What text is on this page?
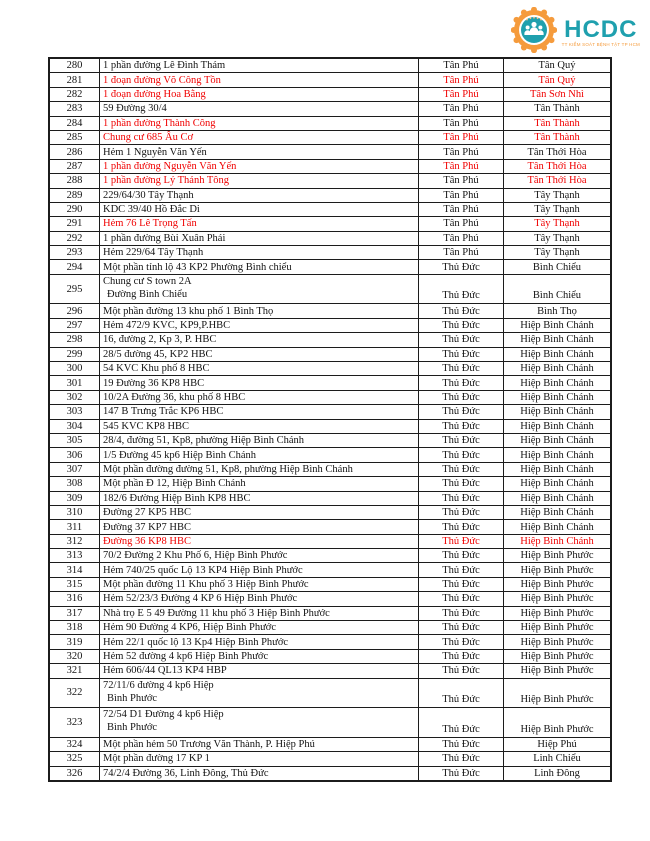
HCDC
TT KIỂM SOÁT BỆNH TẬT TP HCM
280	1 phần đường Lê Đình Thám	Tân Phú	Tân Quý
281	1 đoạn đường Võ Công Tồn	Tân Phú	Tân Quý
282	1 đoạn đường Hoa Bằng	Tân Phú	Tân Sơn Nhì
283	59 Đường 30/4	Tân Phú	Tân Thành
284	1 phần đường Thành Công	Tân Phú	Tân Thành
285	Chung cư 685 Âu Cơ	Tân Phú	Tân Thành
286	Hẻm 1 Nguyễn Văn Yến	Tân Phú	Tân Thới Hòa
287	1 phần đường Nguyễn Văn Yến	Tân Phú	Tân Thới Hòa
288	1 phần đường Lý Thánh Tông	Tân Phú	Tân Thới Hòa
289	229/64/30 Tây Thạnh	Tân Phú	Tây Thạnh
290	KDC 39/40 Hồ Đắc Di	Tân Phú	Tây Thạnh
291	Hẻm 76 Lê Trọng Tấn	Tân Phú	Tây Thạnh
292	1 phần đường Bùi Xuân Phái	Tân Phú	Tây Thạnh
293	Hẻm 229/64 Tây Thạnh	Tân Phú	Tây Thạnh
294	Một phần tỉnh lộ 43 KP2 Phường Bình chiểu	Thủ Đức	Bình Chiểu
295	Chung cư S town 2A
Đường Bình Chiểu	Thủ Đức	Bình Chiểu
296	Một phần đường 13 khu phố 1 Bình Thọ	Thủ Đức	Bình Thọ
297	Hẻm 472/9 KVC, KP9,P.HBC	Thủ Đức	Hiệp Bình Chánh
298	16, đường 2, Kp 3, P. HBC	Thủ Đức	Hiệp Bình Chánh
299	28/5 đường 45, KP2 HBC	Thủ Đức	Hiệp Bình Chánh
300	54 KVC Khu phố 8 HBC	Thủ Đức	Hiệp Bình Chánh
301	19 Đường 36 KP8 HBC	Thủ Đức	Hiệp Bình Chánh
302	10/2A Đường 36, khu phố 8 HBC	Thủ Đức	Hiệp Bình Chánh
303	147 B Trưng Trắc KP6 HBC	Thủ Đức	Hiệp Bình Chánh
304	545 KVC KP8 HBC	Thủ Đức	Hiệp Bình Chánh
305	28/4, đường 51, Kp8, phường Hiệp Bình Chánh	Thủ Đức	Hiệp Bình Chánh
306	1/5 Đường 45 kp6 Hiệp Bình Chánh	Thủ Đức	Hiệp Bình Chánh
307	Một phần đường đường 51, Kp8, phường Hiệp Bình Chánh	Thủ Đức	Hiệp Bình Chánh
308	Một phần Đ 12, Hiệp Bình Chánh	Thủ Đức	Hiệp Bình Chánh
309	182/6 Đường Hiệp Bình KP8 HBC	Thủ Đức	Hiệp Bình Chánh
310	Đường 27 KP5 HBC	Thủ Đức	Hiệp Bình Chánh
311	Đường 37 KP7 HBC	Thủ Đức	Hiệp Bình Chánh
312	Đường 36 KP8 HBC	Thủ Đức	Hiệp Bình Chánh
313	70/2 Đường 2 Khu Phố 6, Hiệp Bình Phước	Thủ Đức	Hiệp Bình Phước
314	Hẻm 740/25 quốc Lộ 13 KP4 Hiệp Bình Phước	Thủ Đức	Hiệp Bình Phước
315	Một phần đường 11 Khu phố 3 Hiệp Bình Phước	Thủ Đức	Hiệp Bình Phước
316	Hẻm 52/23/3 Đường 4 KP 6 Hiệp Bình Phước	Thủ Đức	Hiệp Bình Phước
317	Nhà trọ E 5 49 Đường 11 khu phố 3 Hiệp Bình Phước	Thủ Đức	Hiệp Bình Phước
318	Hẻm 90 Đường 4 KP6, Hiệp Bình Phước	Thủ Đức	Hiệp Bình Phước
319	Hẻm 22/1 quốc lộ 13 Kp4 Hiệp Bình Phước	Thủ Đức	Hiệp Bình Phước
320	Hẻm 52 đường 4 kp6 Hiệp Bình Phước	Thủ Đức	Hiệp Bình Phước
321	Hẻm 606/44 QL13 KP4 HBP	Thủ Đức	Hiệp Bình Phước
322	72/11/6 đường 4 kp6 Hiệp
Bình Phước	Thủ Đức	Hiệp Bình Phước
323	72/54 D1 Đường 4 kp6 Hiệp
Bình Phước	Thủ Đức	Hiệp Bình Phước
324	Một phần hẻm 50 Trương Văn Thành, P. Hiệp Phú	Thủ Đức	Hiệp Phú
325	Một phần đường 17 KP 1	Thủ Đức	Linh Chiểu
326	74/2/4 Đường 36, Linh Đông, Thủ Đức	Thủ Đức	Linh Đông
